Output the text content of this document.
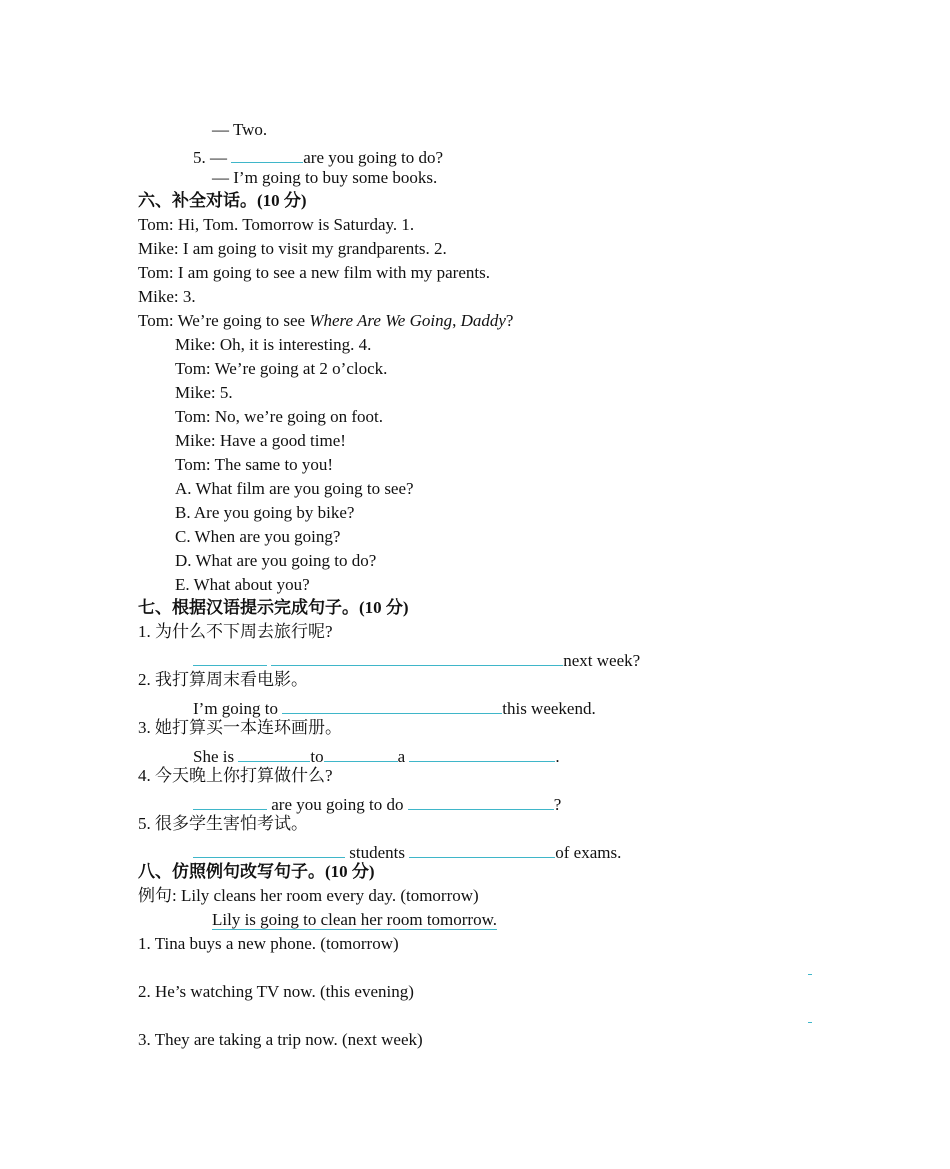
— Two.
5. —	are you going to do?
— I’m going to buy some books.
六、补全对话。(10 分)
Tom: Hi, Tom. Tomorrow is Saturday. 1.
Mike: I am going to visit my grandparents. 2.
Tom: I am going to see a new film with my parents.
Mike: 3.
Tom: We’re going to see Where Are We Going, Daddy?
Mike: Oh, it is interesting. 4.
Tom: We’re going at 2 o’clock.
Mike: 5.
Tom: No, we’re going on foot.
Mike: Have a good time!
Tom: The same to you!
A. What film are you going to see?
B. Are you going by bike?
C. When are you going?
D. What are you going to do?
E. What about you?
七、根据汉语提示完成句子。(10 分)
1. 为什么不下周去旅行呢?
next week?
2. 我打算周末看电影。
I’m going to	this weekend.
3. 她打算买一本连环画册。
She is	to	a	.
4. 今天晚上你打算做什么?
are you going to do	?
5. 很多学生害怕考试。
students	of exams.
八、仿照例句改写句子。(10 分)
例句: Lily cleans her room every day. (tomorrow)
Lily is going to clean her room tomorrow.
1. Tina buys a new phone. (tomorrow)
2. He’s watching TV now. (this evening)
3. They are taking a trip now. (next week)
